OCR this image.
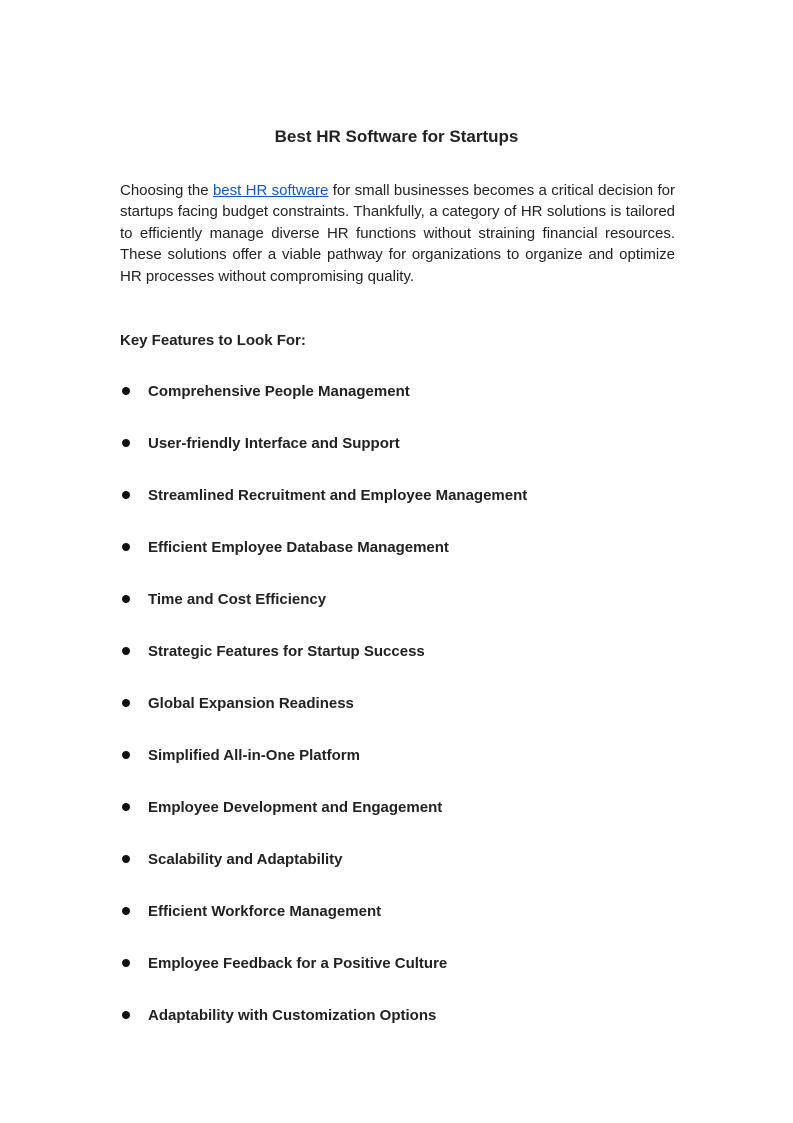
Best HR Software for Startups

Choosing the best HR software for small businesses becomes a critical decision for startups facing budget constraints. Thankfully, a category of HR solutions is tailored to efficiently manage diverse HR functions without straining financial resources. These solutions offer a viable pathway for organizations to organize and optimize HR processes without compromising quality.

Key Features to Look For:
Comprehensive People Management
User-friendly Interface and Support
Streamlined Recruitment and Employee Management
Efficient Employee Database Management
Time and Cost Efficiency
Strategic Features for Startup Success
Global Expansion Readiness
Simplified All-in-One Platform
Employee Development and Engagement
Scalability and Adaptability
Efficient Workforce Management
Employee Feedback for a Positive Culture
Adaptability with Customization Options
